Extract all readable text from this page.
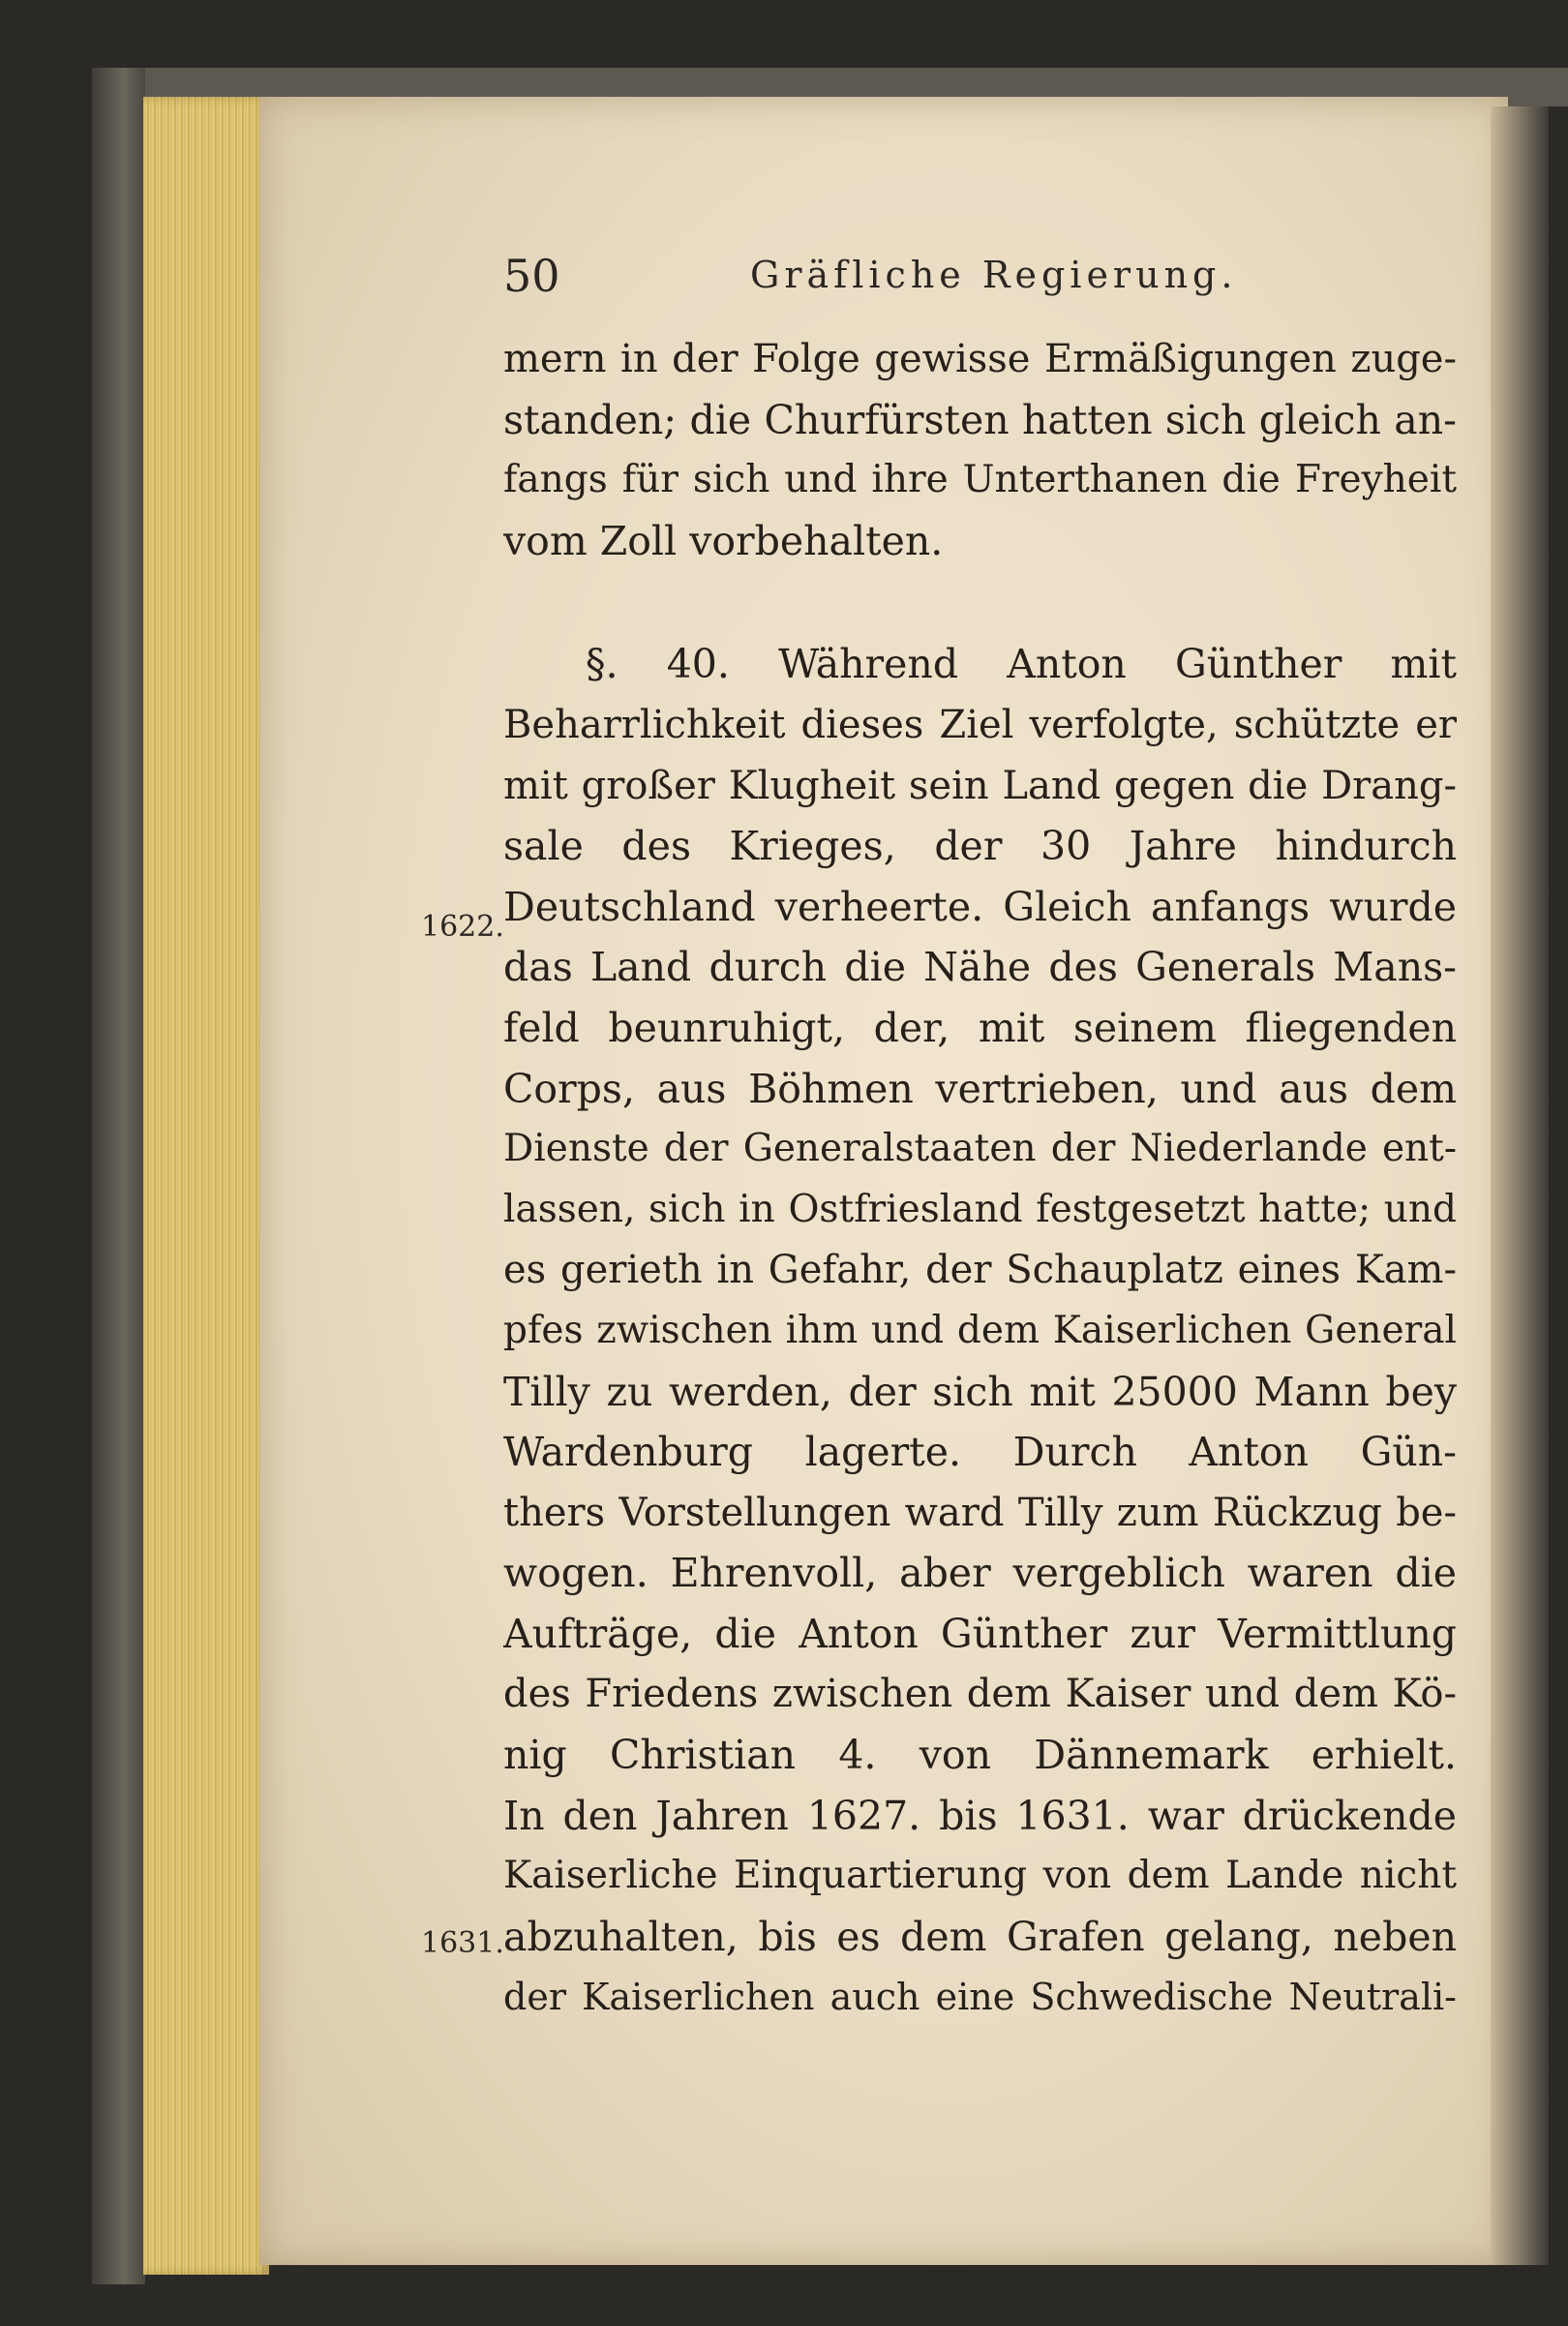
50	Gräfliche Regierung.
1622.
1631.
mern in der Folge gewisse Ermäßigungen zuge-
standen; die Churfürsten hatten sich gleich an-
fangs für sich und ihre Unterthanen die Freyheit
vom Zoll vorbehalten.
§. 40. Während Anton Günther mit
Beharrlichkeit dieses Ziel verfolgte, schützte er
mit großer Klugheit sein Land gegen die Drang-
sale des Krieges, der 30 Jahre hindurch
Deutschland verheerte. Gleich anfangs wurde
das Land durch die Nähe des Generals Mans-
feld beunruhigt, der, mit seinem fliegenden
Corps, aus Böhmen vertrieben, und aus dem
Dienste der Generalstaaten der Niederlande ent-
lassen, sich in Ostfriesland festgesetzt hatte; und
es gerieth in Gefahr, der Schauplatz eines Kam-
pfes zwischen ihm und dem Kaiserlichen General
Tilly zu werden, der sich mit 25000 Mann bey
Wardenburg lagerte. Durch Anton Gün-
thers Vorstellungen ward Tilly zum Rückzug be-
wogen. Ehrenvoll, aber vergeblich waren die
Aufträge, die Anton Günther zur Vermittlung
des Friedens zwischen dem Kaiser und dem Kö-
nig Christian 4. von Dännemark erhielt.
In den Jahren 1627. bis 1631. war drückende
Kaiserliche Einquartierung von dem Lande nicht
abzuhalten, bis es dem Grafen gelang, neben
der Kaiserlichen auch eine Schwedische Neutrali-
